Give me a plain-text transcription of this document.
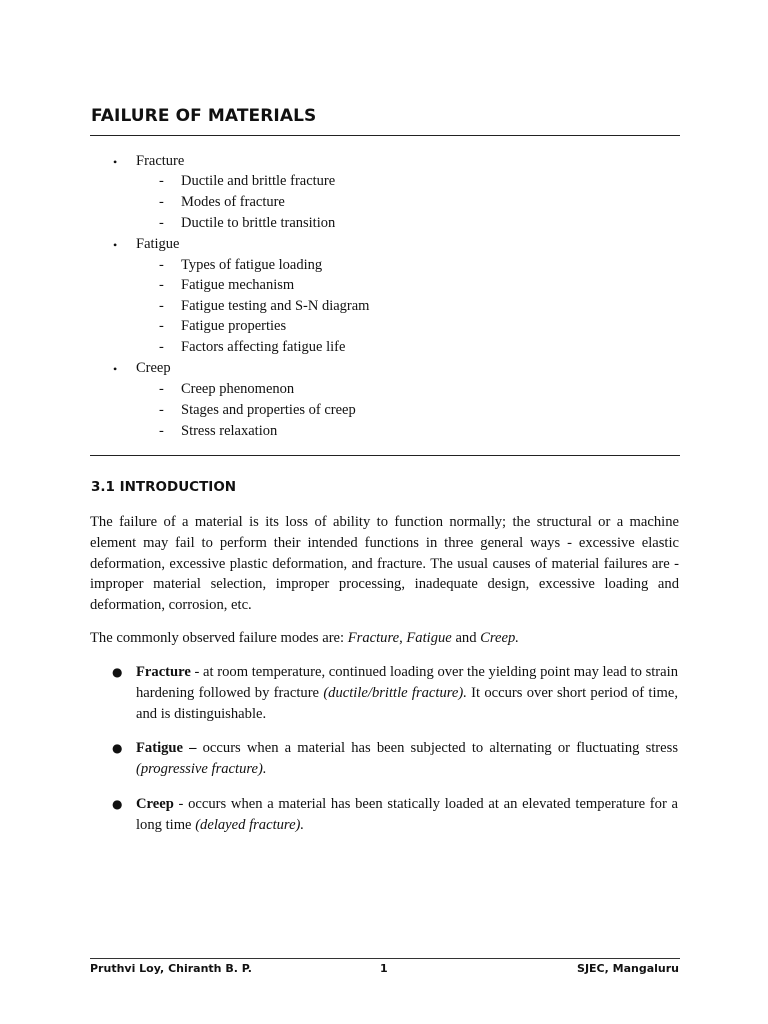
FAILURE OF MATERIALS
• Fracture
- Ductile and brittle fracture
- Modes of fracture
- Ductile to brittle transition
• Fatigue
- Types of fatigue loading
- Fatigue mechanism
- Fatigue testing and S-N diagram
- Fatigue properties
- Factors affecting fatigue life
• Creep
- Creep phenomenon
- Stages and properties of creep
- Stress relaxation
3.1 INTRODUCTION

The failure of a material is its loss of ability to function normally; the structural or a machine element may fail to perform their intended functions in three general ways - excessive elastic deformation, excessive plastic deformation, and fracture. The usual causes of material failures are - improper material selection, improper processing, inadequate design, excessive loading and deformation, corrosion, etc.

The commonly observed failure modes are: Fracture, Fatigue and Creep.

● Fracture - at room temperature, continued loading over the yielding point may lead to strain hardening followed by fracture (ductile/brittle fracture). It occurs over short period of time, and is distinguishable.

● Fatigue – occurs when a material has been subjected to alternating or fluctuating stress (progressive fracture).

● Creep - occurs when a material has been statically loaded at an elevated temperature for a long time (delayed fracture).

Pruthvi Loy, Chiranth B. P.	1	SJEC, Mangaluru
